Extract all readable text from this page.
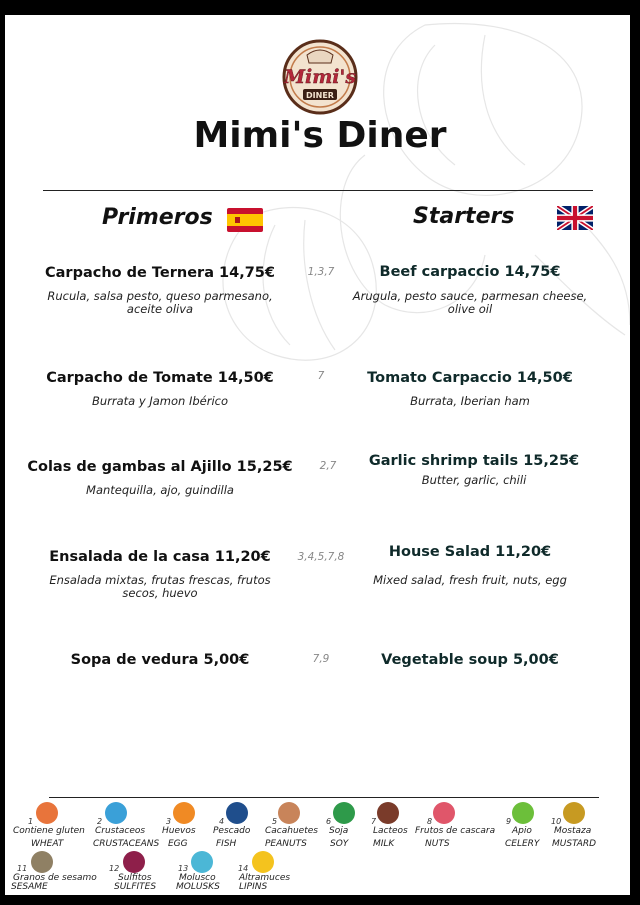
Mimi's
DINER
Mimi's Diner
Primeros	Starters
Carpacho de Ternera 14,75€
Rucula, salsa pesto, queso parmesano, aceite oliva
1,3,7	Beef carpaccio 14,75€
Arugula, pesto sauce, parmesan cheese, olive oil
Carpacho de Tomate 14,50€
Burrata y Jamon Ibérico
7	Tomato Carpaccio 14,50€
Burrata, Iberian ham
Colas de gambas al Ajillo 15,25€
Mantequilla, ajo, guindilla
2,7	Garlic shrimp tails 15,25€
Butter, garlic, chili
Ensalada de la casa 11,20€
Ensalada mixtas, frutas frescas, frutos secos, huevo
3,4,5,7,8	House Salad 11,20€
Mixed salad, fresh fruit, nuts, egg
Sopa de vedura 5,00€	7,9	Vegetable soup 5,00€
1
Contiene gluten
WHEAT
2
Crustaceos
CRUSTACEANS
3
Huevos
EGG
4
Pescado
FISH
5
Cacahuetes
PEANUTS
6
Soja
SOY
7
Lacteos
MILK
8
Frutos de cascara
NUTS
9
Apio
CELERY
10
Mostaza
MUSTARD
11
Granos de sesamo
SESAME
12
Sulfitos
SULFITES
13
Molusco
MOLUSKS
14
Altramuces
LIPINS
